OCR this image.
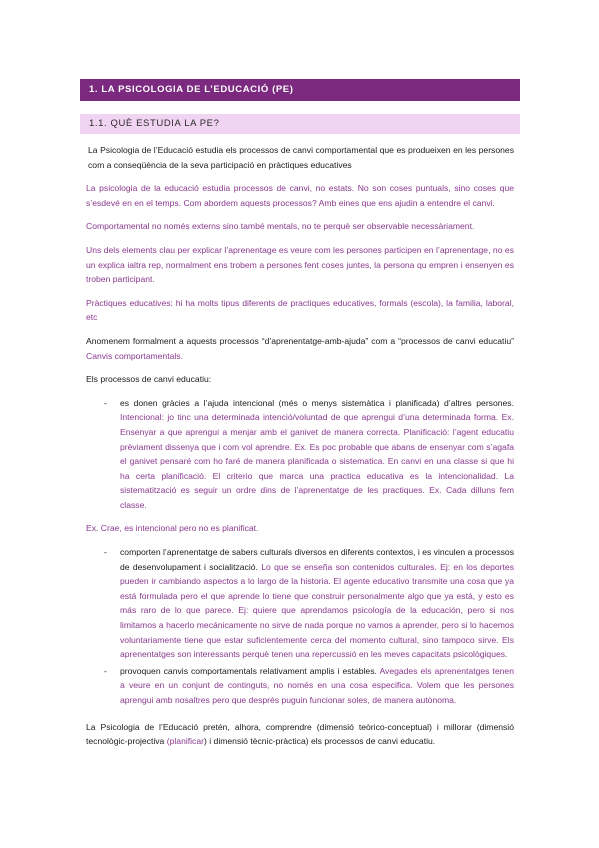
1. LA PSICOLOGIA DE L’EDUCACIÓ (PE)
1.1. QUÈ ESTUDIA LA PE?

La Psicologia de l’Educació estudia els processos de canvi comportamental que es produeixen en les persones com a conseqüència de la seva participació en pràctiques educatives

La psicologia de la educació estudia processos de canvi, no estats. No son coses puntuals, sino coses que s’esdevé en en el temps. Com abordem aquests processos? Amb eines que ens ajudin a entendre el canvi.

Comportamental no només externs sino també mentals, no te perquè ser observable necessàriament.

Uns dels elements clau per explicar l’aprenentage es veure com les persones participen en l’aprenentage, no es un explica ialtra rep, normalment ens trobem a persones fent coses juntes, la persona qu empren i ensenyen es troben participant.

Pràctiques educatives: hi ha molts tipus diferents de practiques educatives, formals (escola), la familia, laboral, etc

Anomenem formalment a aquests processos “d’aprenentatge-amb-ajuda” com a “processos de canvi educatiu” Canvis comportamentals.

Els processos de canvi educatiu:

- es donen gràcies a l’ajuda intencional (més o menys sistemàtica i planificada) d’altres persones. Intencional: jo tinc una determinada intenció/voluntad de que aprengui d’una determinada forma. Ex. Ensenyar a que aprengui a menjar amb el ganivet de manera correcta. Planificació: l’agent educatiu prèviament dissenya que i com vol aprendre. Ex. Es poc probable que abans de ensenyar com s’agafa el ganivet pensaré com ho faré de manera planificada o sistematica. En canvi en una classe si que hi ha certa planificació. El criterio que marca una practica educativa es la intencionalidad. La sistematització es seguir un ordre dins de l’aprenentatge de les practiques. Ex. Cada dilluns fem classe.

Ex. Crae, es intencional pero no es planificat.

- comporten l’aprenentatge de sabers culturals diversos en diferents contextos, i es vinculen a processos de desenvolupament i socialització. Lo que se enseña son contenidos culturales. Ej: en los deportes pueden ir cambiando aspectos a lo largo de la historia. El agente educativo transmite una cosa que ya está formulada pero el que aprende lo tiene que construir personalmente algo que ya está, y esto es más raro de lo que parece. Ej: quiere que aprendamos psicología de la educación, pero si nos limitamos a hacerlo mecánicamente no sirve de nada porque no vamos a aprender, pero si lo hacemos voluntariamente tiene que estar suficientemente cerca del momento cultural, sino tampoco sirve. Els aprenentatges son interessants perquè tenen una repercussió en les meves capacitats psicològiques.
- provoquen canvis comportamentals relativament amplis i estables. Avegades els aprenentatges tenen a veure en un conjunt de continguts, no només en una cosa especifica. Volem que les persones aprengui amb nosaltres pero que després puguin funcionar soles, de manera autònoma.

La Psicologia de l’Educació pretén, alhora, comprendre (dimensió teòrico-conceptual) i millorar (dimensió tecnològic-projectiva (planificar) i dimensió tècnic-pràctica) els processos de canvi educatiu.
